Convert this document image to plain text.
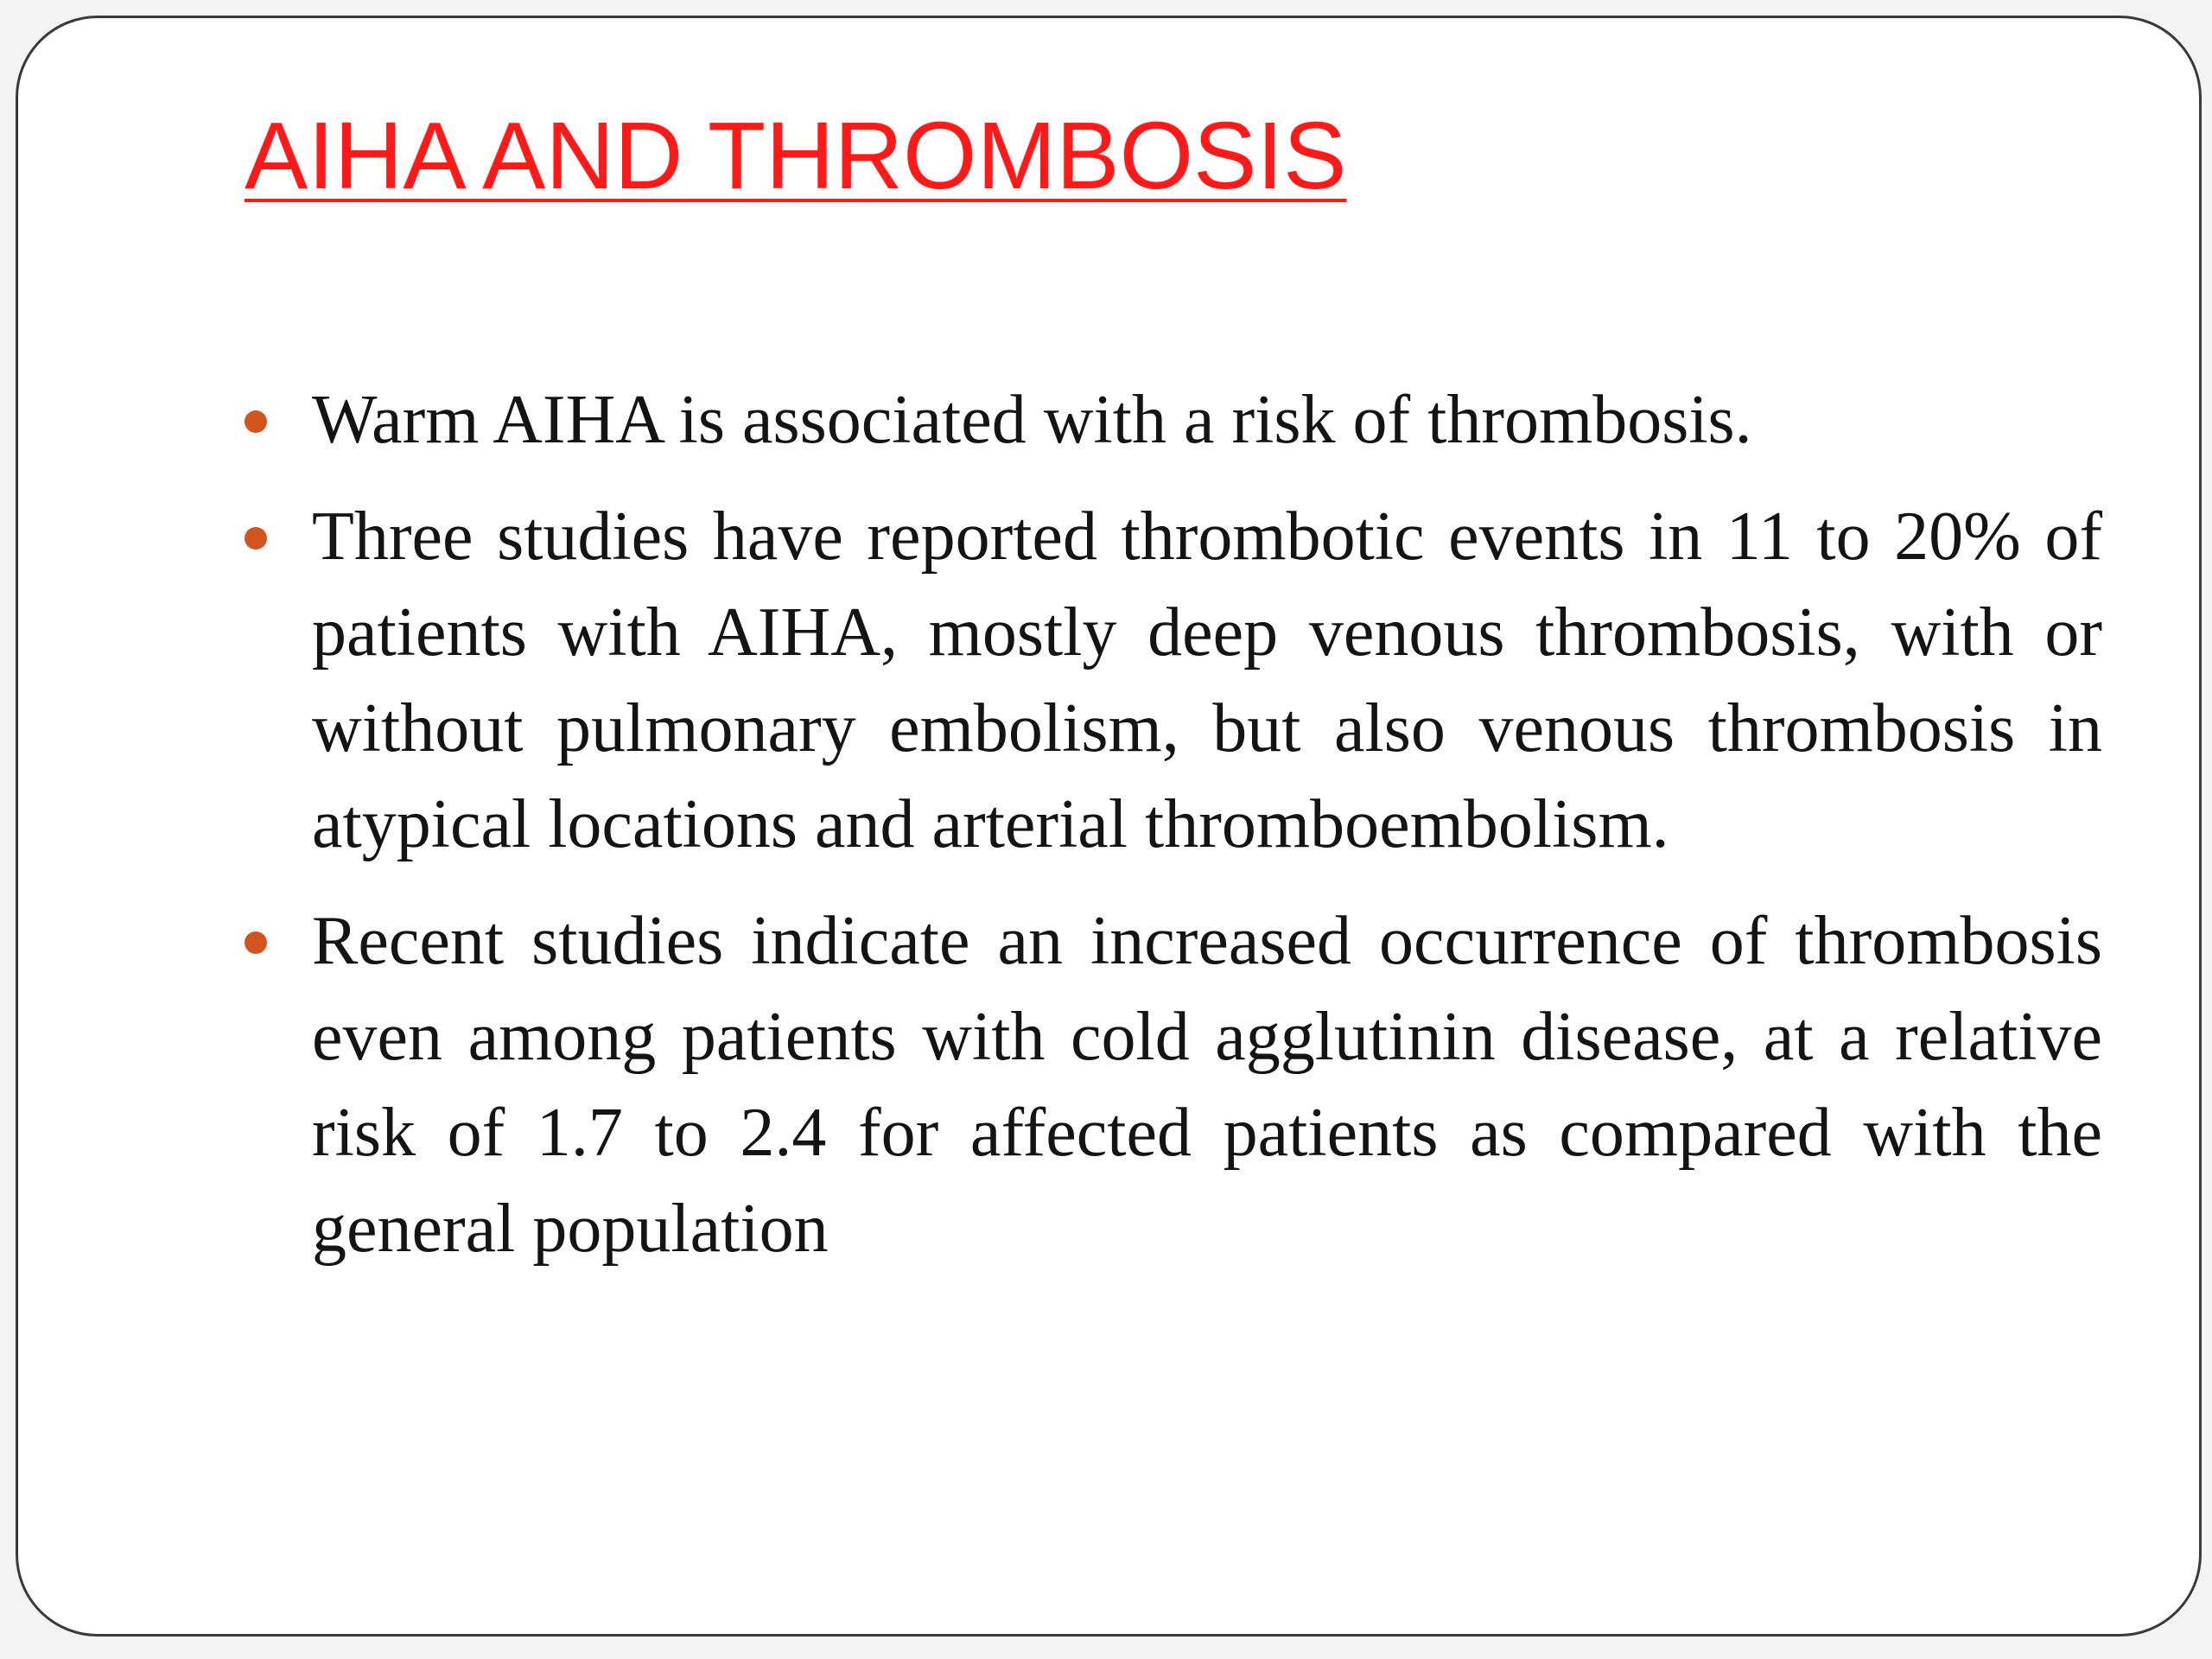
AIHA AND THROMBOSIS
Warm AIHA is associated with a risk of thrombosis.
Three studies have reported thrombotic events in 11 to 20% of patients with AIHA, mostly deep venous thrombosis, with or without pulmonary embolism, but also venous thrombosis in atypical locations and arterial thromboembolism.
Recent studies indicate an increased occurrence of thrombosis even among patients with cold agglutinin disease, at a relative risk of 1.7 to 2.4 for affected patients as compared with the general population
